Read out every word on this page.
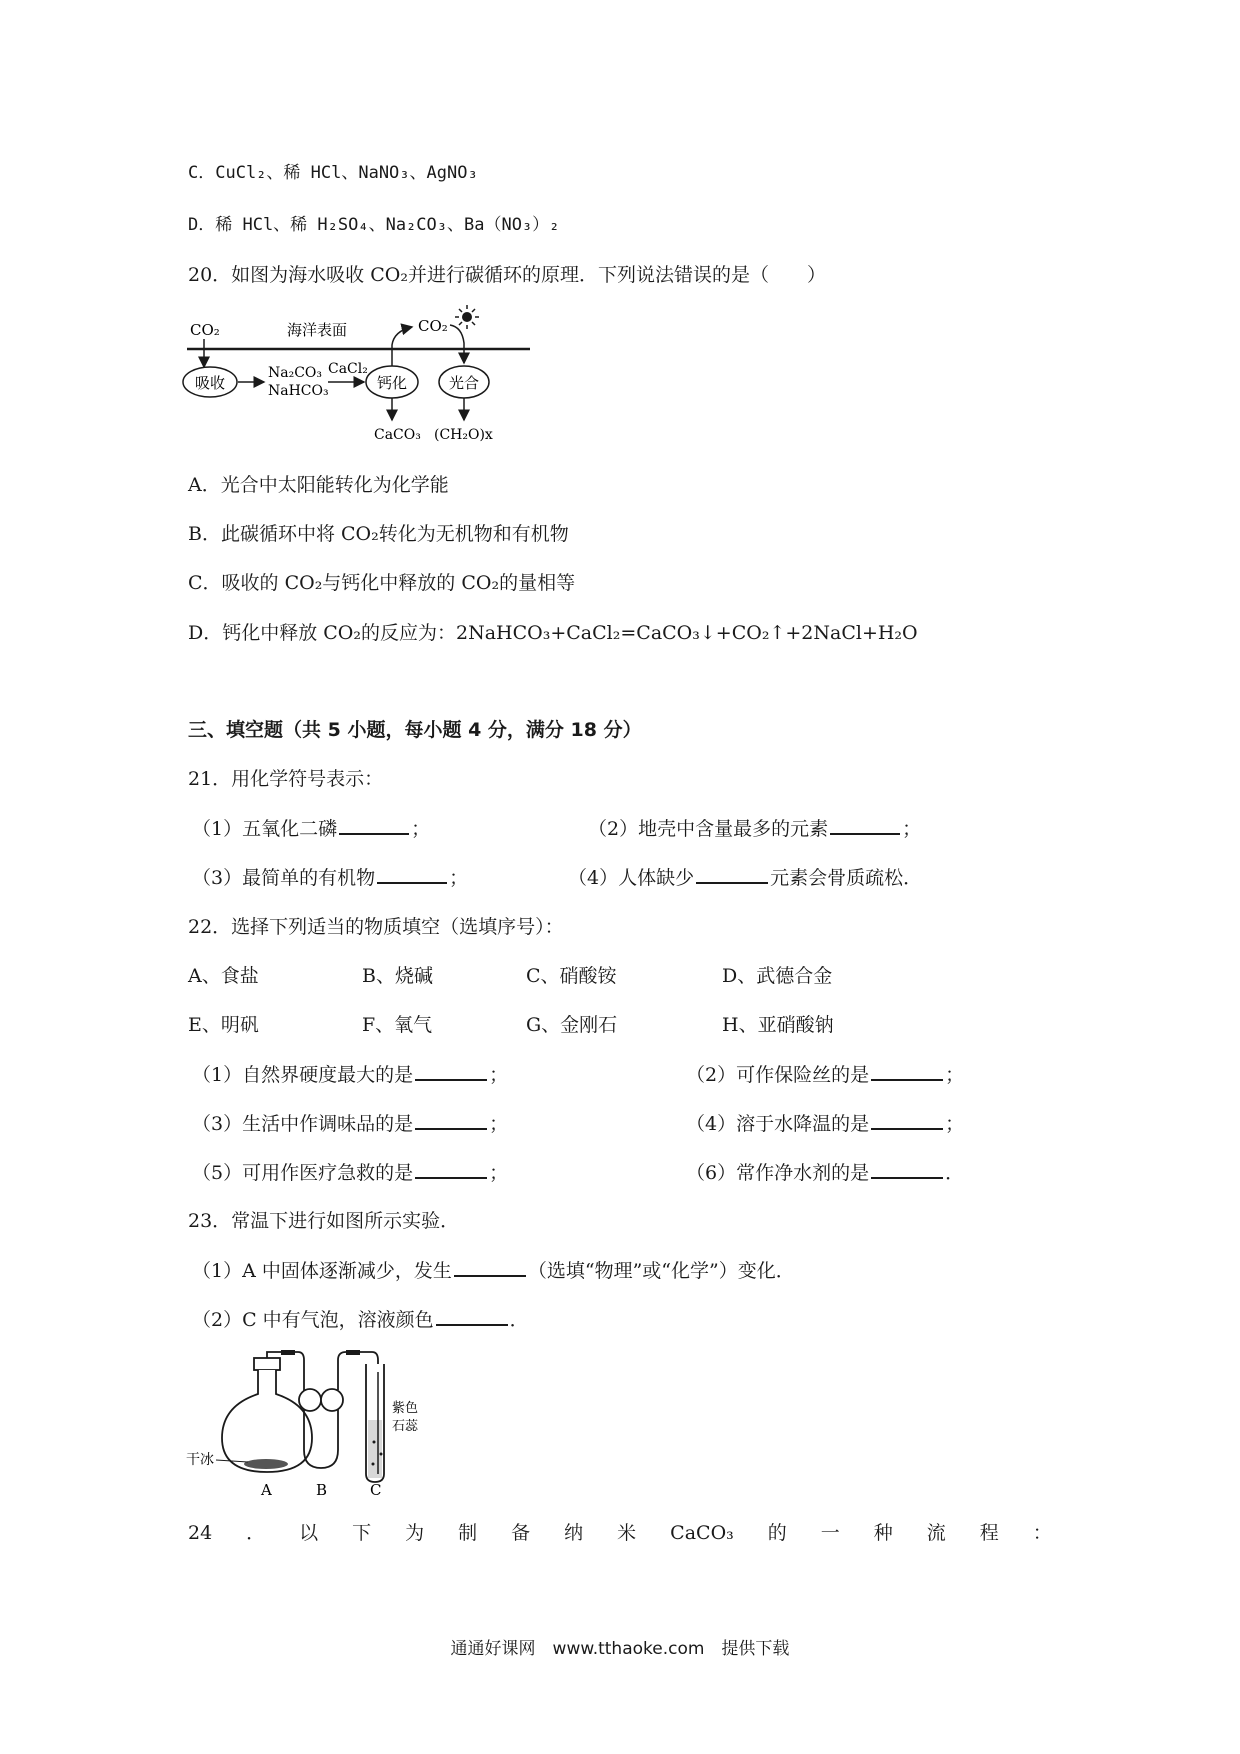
C．CuCl₂、稀 HCl、NaNO₃、AgNO₃
D．稀 HCl、稀 H₂SO₄、Na₂CO₃、Ba（NO₃）₂
20．如图为海水吸收 CO₂并进行碳循环的原理．下列说法错误的是（　　）
CO₂	海洋表面
吸收
Na₂CO₃
NaHCO₃
CaCl₂
钙化
CaCO₃
CO₂
光合
(CH₂O)x
A．光合中太阳能转化为化学能
B．此碳循环中将 CO₂转化为无机物和有机物
C．吸收的 CO₂与钙化中释放的 CO₂的量相等
D．钙化中释放 CO₂的反应为：2NaHCO₃+CaCl₂=CaCO₃↓+CO₂↑+2NaCl+H₂O
三、填空题（共 5 小题，每小题 4 分，满分 18 分）
21．用化学符号表示：
（1）五氧化二磷	；	（2）地壳中含量最多的元素	；
（3）最简单的有机物	；	（4）人体缺少	元素会骨质疏松．
22．选择下列适当的物质填空（选填序号）：
A、食盐	B、烧碱	C、硝酸铵	D、武德合金
E、明矾	F、氧气	G、金刚石	H、亚硝酸钠
（1）自然界硬度最大的是	；	（2）可作保险丝的是	；
（3）生活中作调味品的是	；	（4）溶于水降温的是	；
（5）可用作医疗急救的是	；	（6）常作净水剂的是	．
23．常温下进行如图所示实验．
（1）A 中固体逐渐减少，发生	（选填“物理”或“化学”）变化．
（2）C 中有气泡，溶液颜色	．
干冰
紫色
石蕊
A	B	C
24 ． 以 下 为 制 备 纳 米 CaCO₃ 的 一 种 流 程 ：
通通好课网　www.tthaoke.com　提供下载
